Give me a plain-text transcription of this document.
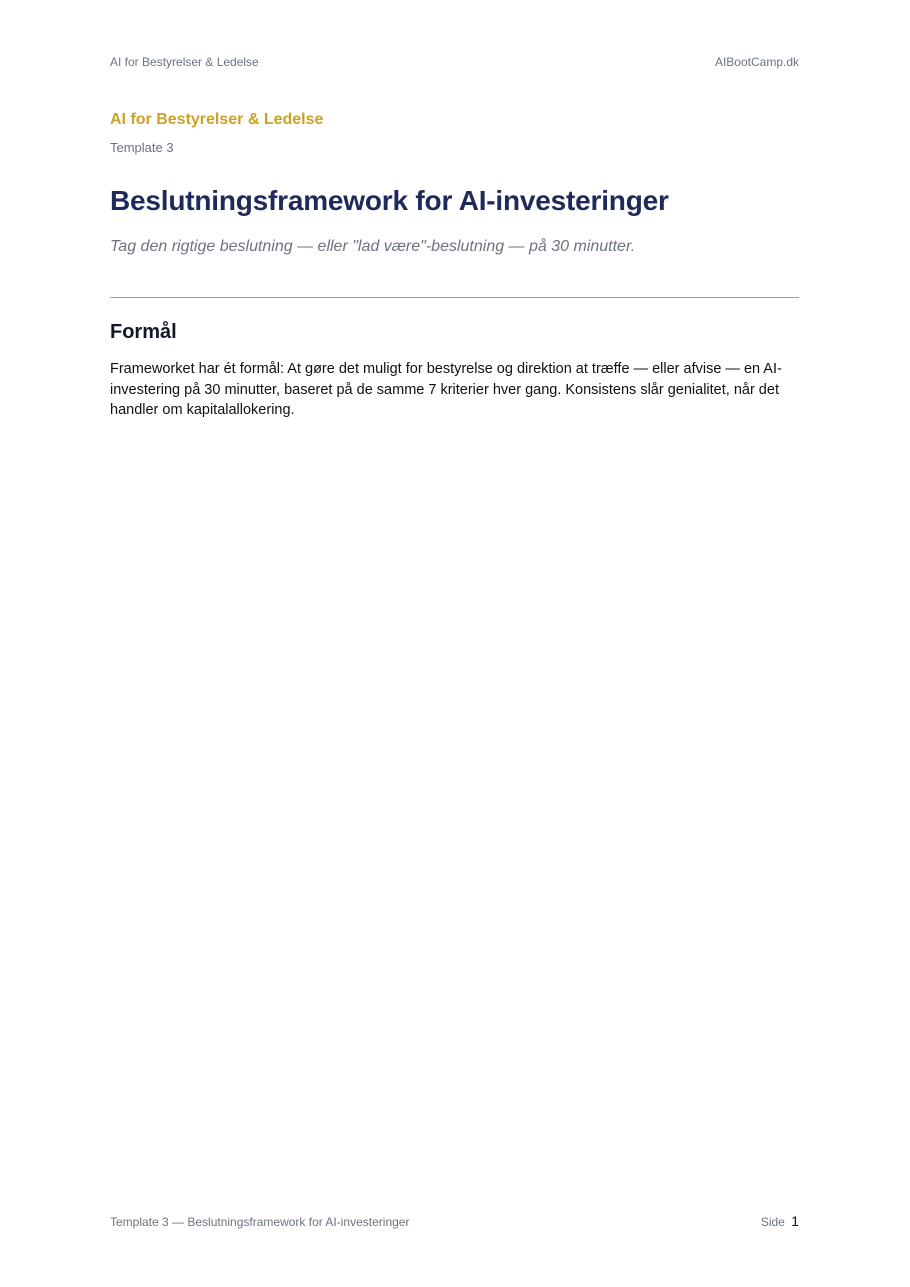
AI for Bestyrelser & Ledelse	AIBootCamp.dk
AI for Bestyrelser & Ledelse
Template 3
Beslutningsframework for AI-investeringer
Tag den rigtige beslutning — eller "lad være"-beslutning — på 30 minutter.
Formål

Frameworket har ét formål: At gøre det muligt for bestyrelse og direktion at træffe — eller afvise — en AI-investering på 30 minutter, baseret på de samme 7 kriterier hver gang. Konsistens slår genialitet, når det handler om kapitalallokering.

Template 3 — Beslutningsframework for AI-investeringer	Side 1
